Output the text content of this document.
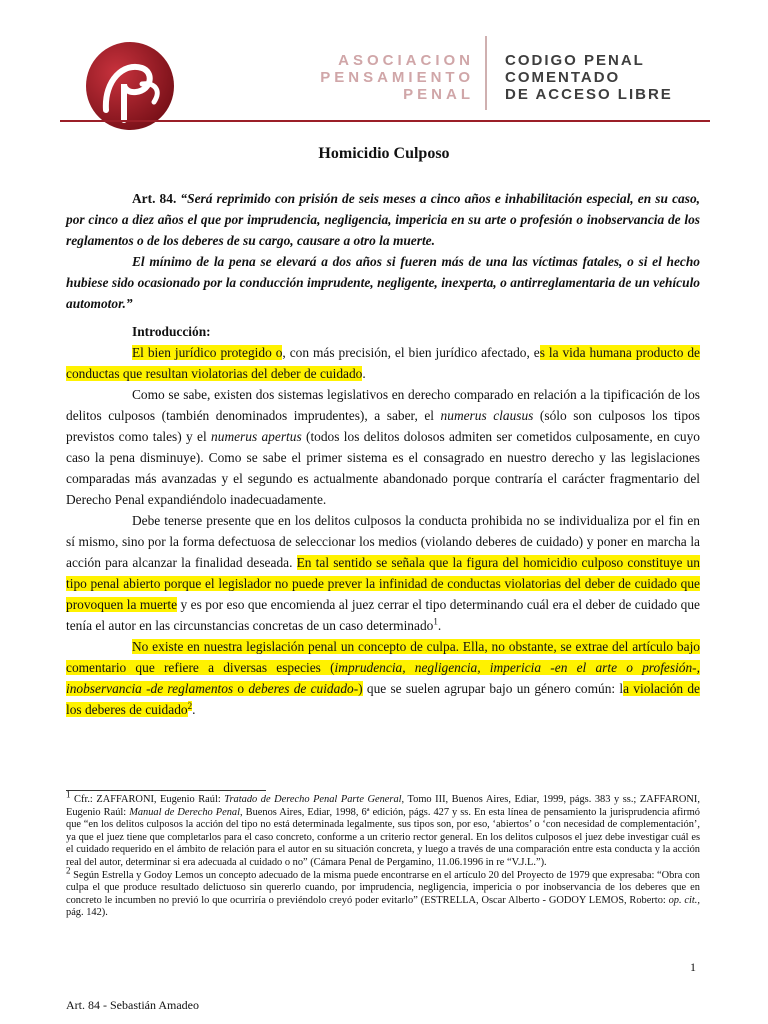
ASOCIACION
PENSAMIENTO
PENAL
CODIGO PENAL
COMENTADO
DE ACCESO LIBRE
Homicidio Culposo

Art. 84. “Será reprimido con prisión de seis meses a cinco años e inhabilitación especial, en su caso, por cinco a diez años el que por imprudencia, negligencia, impericia en su arte o profesión o inobservancia de los reglamentos o de los deberes de su cargo, causare a otro la muerte.

El mínimo de la pena se elevará a dos años si fueren más de una las víctimas fatales, o si el hecho hubiese sido ocasionado por la conducción imprudente, negligente, inexperta, o antirreglamentaria de un vehículo automotor.”

Introducción:

El bien jurídico protegido o, con más precisión, el bien jurídico afectado, es la vida humana producto de conductas que resultan violatorias del deber de cuidado.

Como se sabe, existen dos sistemas legislativos en derecho comparado en relación a la tipificación de los delitos culposos (también denominados imprudentes), a saber, el numerus clausus (sólo son culposos los tipos previstos como tales) y el numerus apertus (todos los delitos dolosos admiten ser cometidos culposamente, en cuyo caso la pena disminuye). Como se sabe el primer sistema es el consagrado en nuestro derecho y las legislaciones comparadas más avanzadas y el segundo es actualmente abandonado porque contraría el carácter fragmentario del Derecho Penal expandiéndolo inadecuadamente.

Debe tenerse presente que en los delitos culposos la conducta prohibida no se individualiza por el fin en sí mismo, sino por la forma defectuosa de seleccionar los medios (violando deberes de cuidado) y poner en marcha la acción para alcanzar la finalidad deseada. En tal sentido se señala que la figura del homicidio culposo constituye un tipo penal abierto porque el legislador no puede prever la infinidad de conductas violatorias del deber de cuidado que provoquen la muerte y es por eso que encomienda al juez cerrar el tipo determinando cuál era el deber de cuidado que tenía el autor en las circunstancias concretas de un caso determinado$^1$.

No existe en nuestra legislación penal un concepto de culpa. Ella, no obstante, se extrae del artículo bajo comentario que refiere a diversas especies (imprudencia, negligencia, impericia -en el arte o profesión-, inobservancia -de reglamentos o deberes de cuidado-) que se suelen agrupar bajo un género común: la violación de los deberes de cuidado$^2$.

$^1$ Cfr.: ZAFFARONI, Eugenio Raúl: Tratado de Derecho Penal Parte General, Tomo III, Buenos Aires, Ediar, 1999, págs. 383 y ss.; ZAFFARONI, Eugenio Raúl: Manual de Derecho Penal, Buenos Aires, Ediar, 1998, 6ª edición, págs. 427 y ss. En esta línea de pensamiento la jurisprudencia afirmó que “en los delitos culposos la acción del tipo no está determinada legalmente, sus tipos son, por eso, ‘abiertos’ o ‘con necesidad de complementación’, ya que el juez tiene que completarlos para el caso concreto, conforme a un criterio rector general. En los delitos culposos el juez debe investigar cuál es el cuidado requerido en el ámbito de relación para el autor en su situación concreta, y luego a través de una comparación entre esta conducta y la acción real del autor, determinar si era adecuada al cuidado o no” (Cámara Penal de Pergamino, 11.06.1996 in re “V.J.L.”).

$^2$ Según Estrella y Godoy Lemos un concepto adecuado de la misma puede encontrarse en el artículo 20 del Proyecto de 1979 que expresaba: “Obra con culpa el que produce resultado delictuoso sin quererlo cuando, por imprudencia, negligencia, impericia o por inobservancia de los deberes que en concreto le incumben no previó lo que ocurriría o previéndolo creyó poder evitarlo” (ESTRELLA, Oscar Alberto - GODOY LEMOS, Roberto: op. cit., pág. 142).

1
Art. 84 - Sebastián Amadeo
